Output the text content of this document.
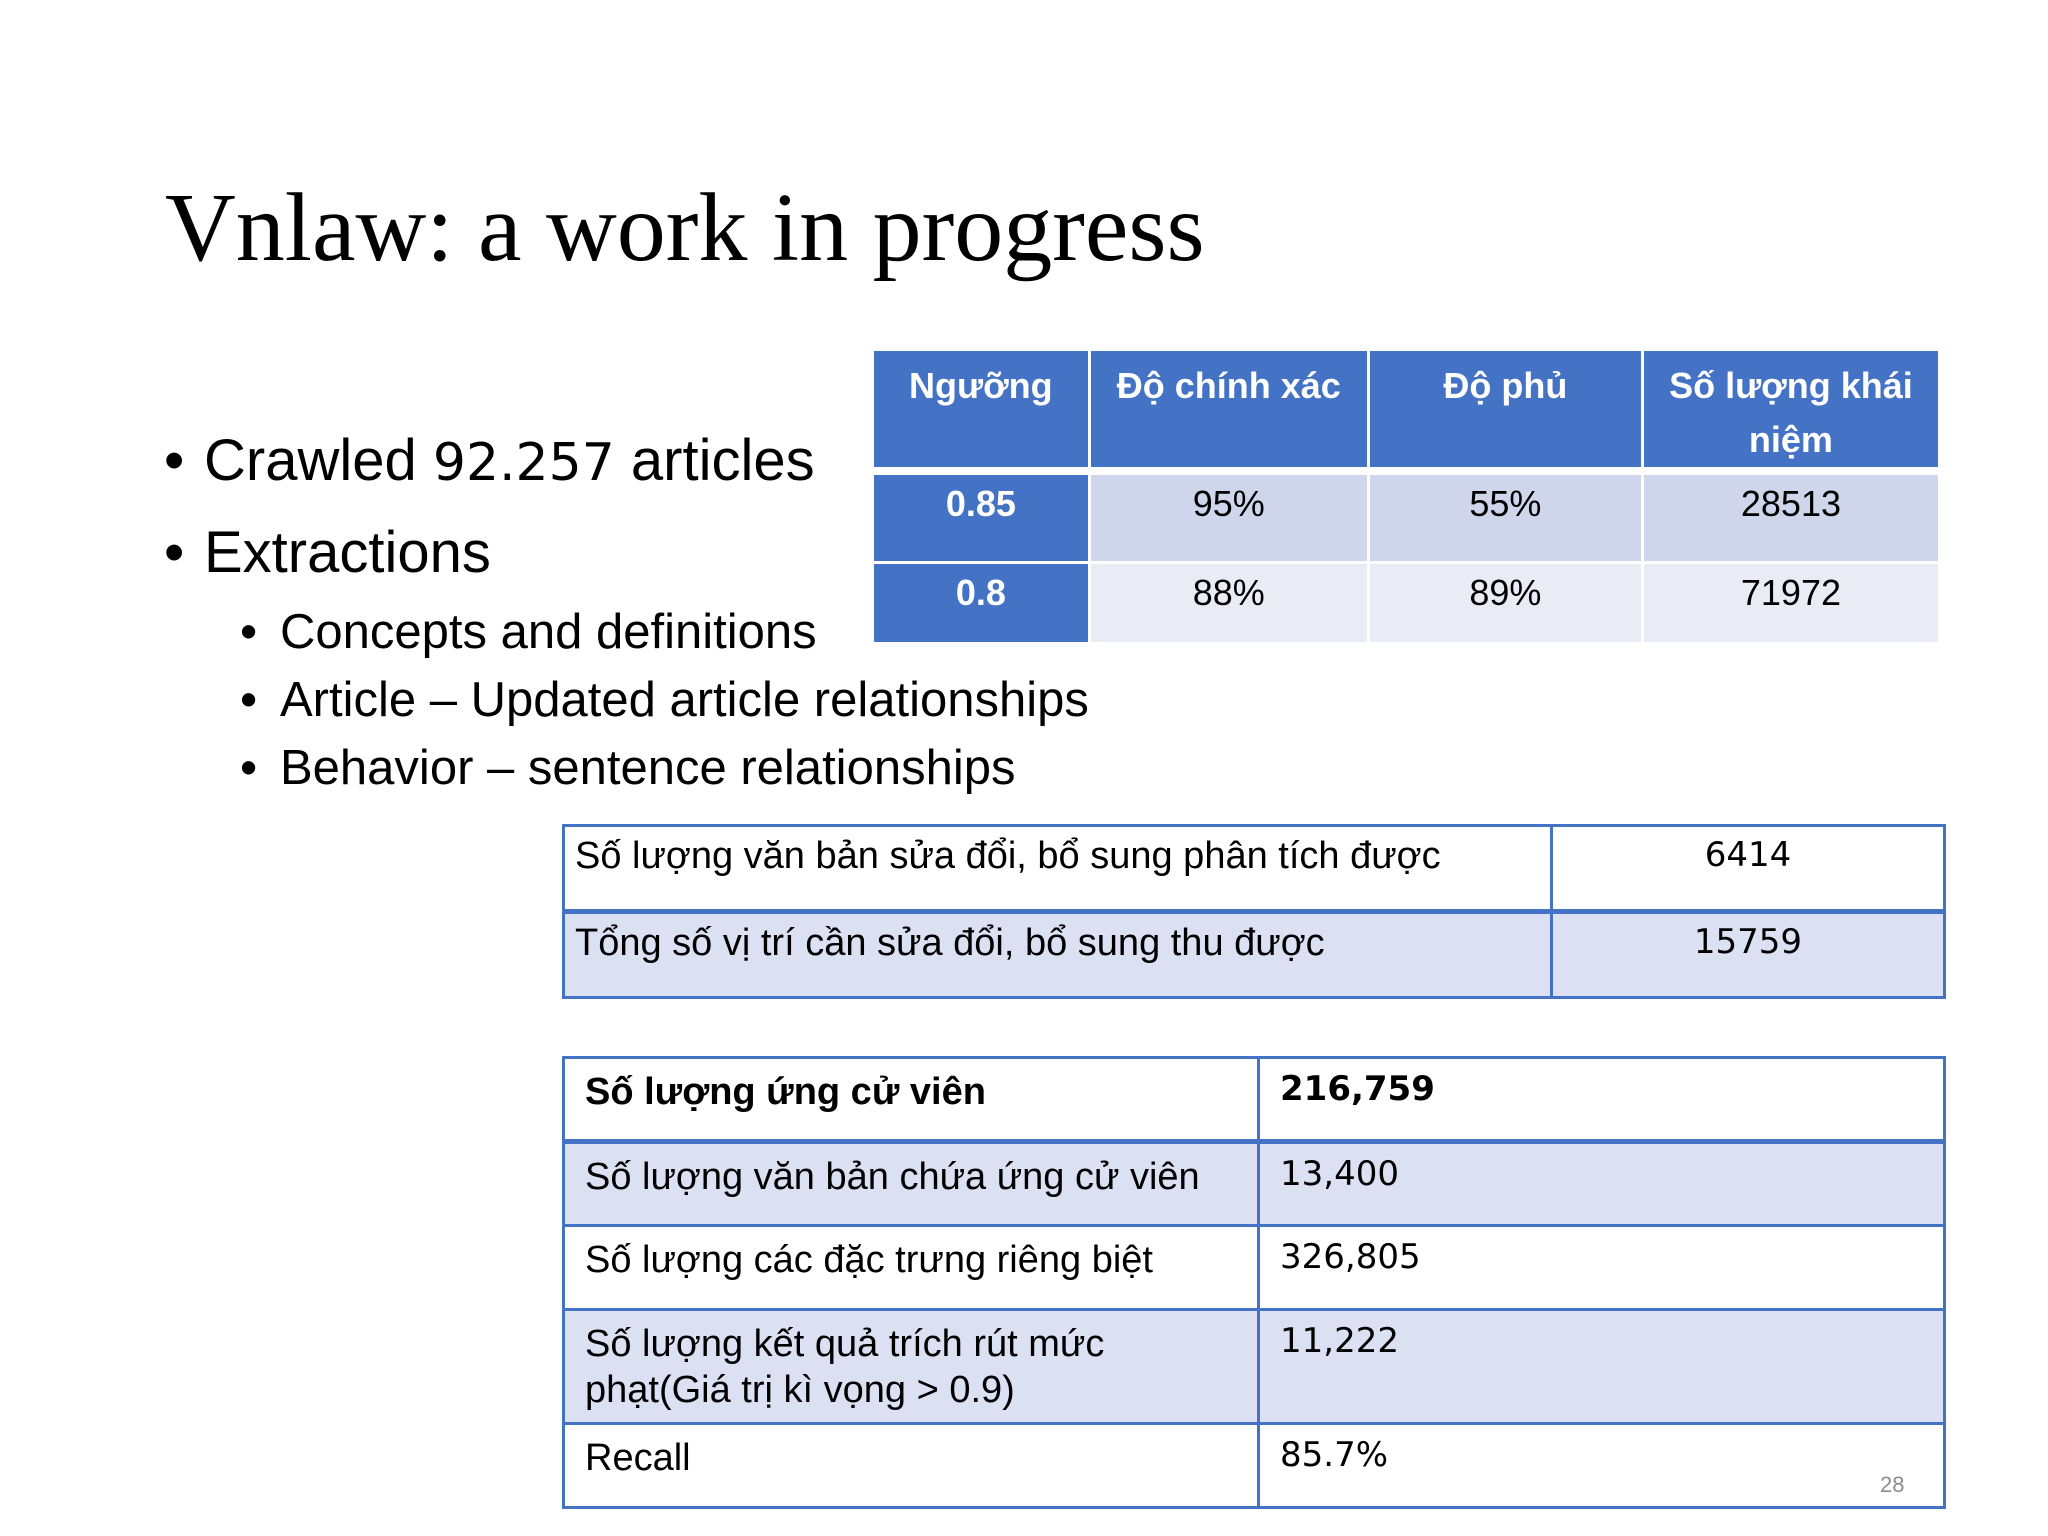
Vnlaw: a work in progress
• Crawled 92.257 articles
• Extractions
• Concepts and definitions
• Article – Updated article relationships
• Behavior – sentence relationships
Ngưỡng	Độ chính xác	Độ phủ	Số lượng khái niệm
0.85	95%	55%	28513
0.8	88%	89%	71972
Số lượng văn bản sửa đổi, bổ sung phân tích được	6414
Tổng số vị trí cần sửa đổi, bổ sung thu được	15759
Số lượng ứng cử viên	216,759
Số lượng văn bản chứa ứng cử viên	13,400
Số lượng các đặc trưng riêng biệt	326,805
Số lượng kết quả trích rút mức phạt(Giá trị kì vọng > 0.9)	11,222
Recall	85.7%
28
